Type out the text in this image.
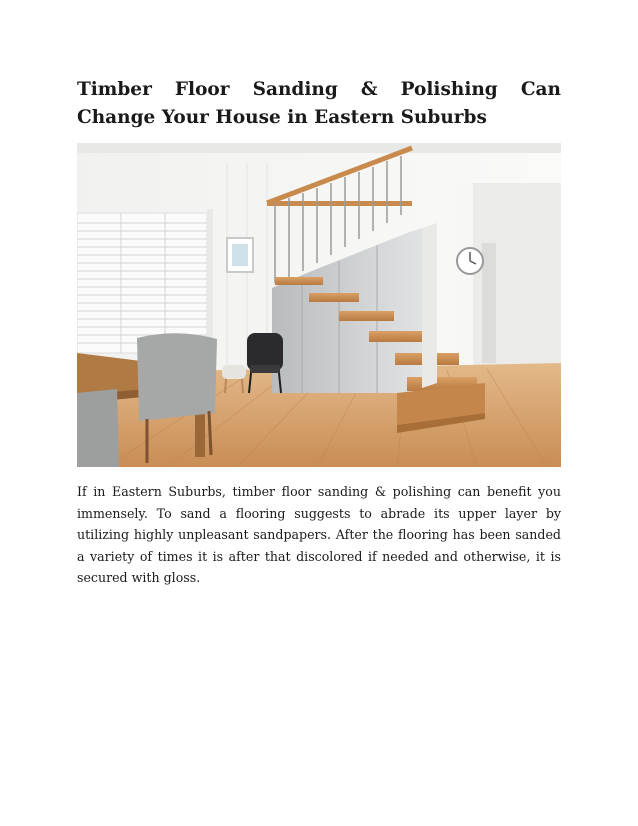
Timber Floor Sanding & Polishing Can Change Your House in Eastern Suburbs

If in Eastern Suburbs, timber floor sanding & polishing can benefit you immensely. To sand a flooring suggests to abrade its upper layer by utilizing highly unpleasant sandpapers. After the flooring has been sanded a variety of times it is after that discolored if needed and otherwise, it is secured with gloss.
